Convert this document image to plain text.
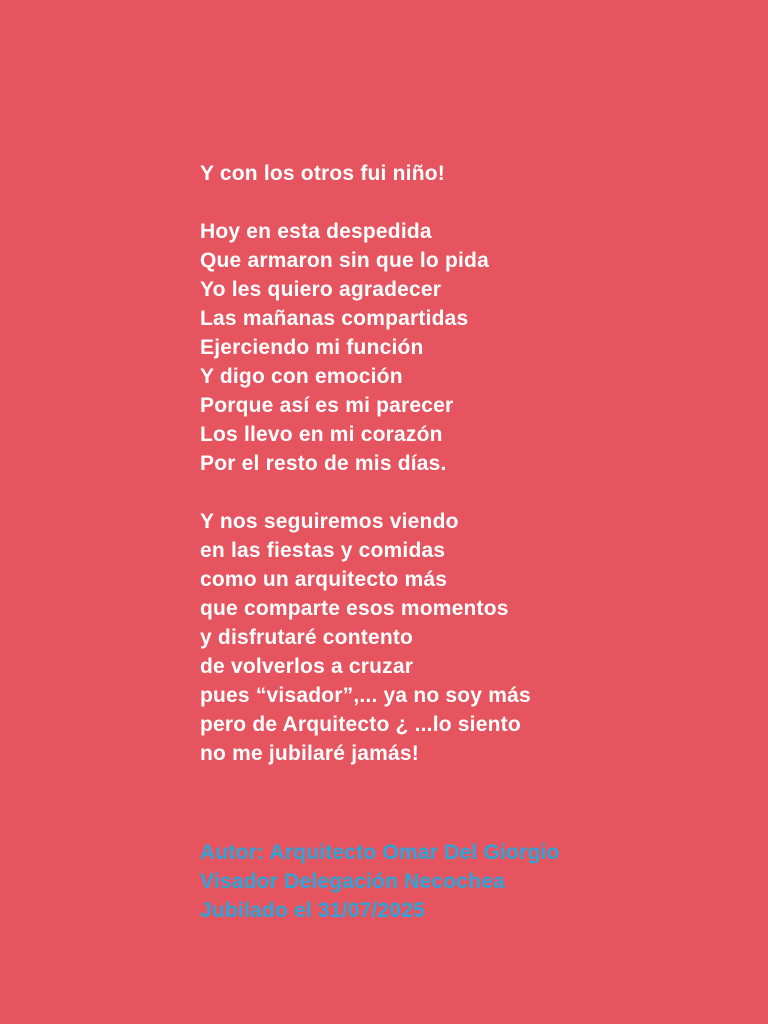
Y con los otros fui niño!

Hoy en esta despedida

Que armaron sin que lo pida

Yo les quiero agradecer

Las mañanas compartidas

Ejerciendo mi función

Y digo con emoción

Porque así es mi parecer

Los llevo en mi corazón

Por el resto de mis días.

Y nos seguiremos viendo

en las fiestas y comidas

como un arquitecto más

que comparte esos momentos

y disfrutaré contento

de volverlos a cruzar

pues “visador”,... ya no soy más

pero de Arquitecto ¿ ...lo siento

no me jubilaré jamás!

Autor: Arquitecto Omar Del Giorgio

Visador Delegación Necochea

Jubilado el 31/07/2025
